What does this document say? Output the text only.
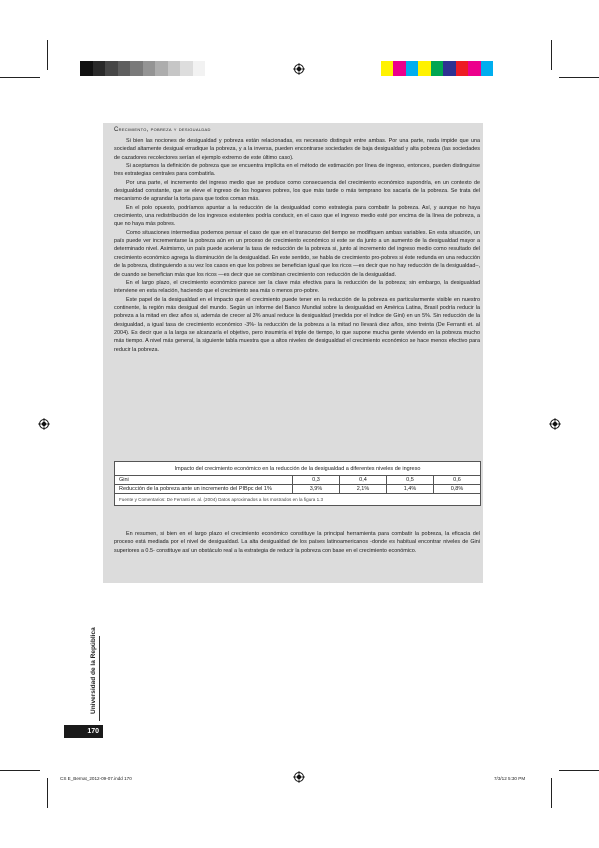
Crecimiento, pobreza y desigualdad

Si bien las nociones de desigualdad y pobreza están relacionadas, es necesario distinguir entre ambas. Por una parte, nada impide que una sociedad altamente desigual erradique la pobreza, y a la inversa, pueden encontrarse sociedades de baja desigualdad y alta pobreza (las sociedades de cazadores recolectores serían el ejemplo extremo de este último caso).

Si aceptamos la definición de pobreza que se encuentra implícita en el método de estimación por línea de ingreso, entonces, pueden distinguirse tres estrategias centrales para combatirla.

Por una parte, el incremento del ingreso medio que se produce como consecuencia del crecimiento económico supondría, en un contexto de desigualdad constante, que se eleve el ingreso de los hogares pobres, los que más tarde o más temprano los sacaría de la pobreza. Se trata del mecanismo de agrandar la torta para que todos coman más.

En el polo opuesto, podríamos apuntar a la reducción de la desigualdad como estrategia para combatir la pobreza. Así, y aunque no haya crecimiento, una redistribución de los ingresos existentes podría conducir, en el caso que el ingreso medio esté por encima de la línea de pobreza, a que no haya más pobres.

Como situaciones intermedias podemos pensar el caso de que en el transcurso del tiempo se modifiquen ambas variables. En esta situación, un país puede ver incrementarse la pobreza aún en un proceso de crecimiento económico si este se da junto a un aumento de la desigualdad mayor a determinado nivel. Asimismo, un país puede acelerar la tasa de reducción de la pobreza si, junto al incremento del ingreso medio como resultado del crecimiento económico agrega la disminución de la desigualdad. En este sentido, se habla de crecimiento pro-pobres si éste redunda en una reducción de la pobreza, distinguiendo a su vez los casos en que los pobres se benefician igual que los ricos —es decir que no hay reducción de la desigualdad–, de cuando se benefician más que los ricos —es decir que se combinan crecimiento con reducción de la desigualdad.

En el largo plazo, el crecimiento económico parece ser la clave más efectiva para la reducción de la pobreza; sin embargo, la desigualdad interviene en esta relación, haciendo que el crecimiento sea más o menos pro-pobre.

Este papel de la desigualdad en el impacto que el crecimiento puede tener en la reducción de la pobreza es particularmente visible en nuestro continente, la región más desigual del mundo. Según un informe del Banco Mundial sobre la desigualdad en América Latina, Brasil podría reducir la pobreza a la mitad en diez años si, además de crecer al 3% anual reduce la desigualdad (medida por el índice de Gini) en un 5%. Sin reducción de la desigualdad, a igual tasa de crecimiento económico -3%- la reducción de la pobreza a la mitad no llevará diez años, sino treinta (De Ferranti et. al 2004). Es decir que a la larga se alcanzaría el objetivo, pero insumiría el triple de tiempo, lo que supone mucha gente viviendo en la pobreza mucho más tiempo. A nivel más general, la siguiente tabla muestra que a altos niveles de desigualdad el crecimiento económico se hace menos efectivo para reducir la pobreza.

Impacto del crecimiento económico en la reducción de la desigualdad a diferentes niveles de ingreso				
Gini	0,3	0,4	0,5	0,6
Reducción de la pobreza ante un incremento del PIBpc del 1%	3,9%	2,1%	1,4%	0,8%
Fuente y Comentarios: De Ferranti et. al. (2004) Datos aproximados a los mostrados en la figura 1.3				

En resumen, si bien en el largo plazo el crecimiento económico constituye la principal herramienta para combatir la pobreza, la eficacia del proceso está mediada por el nivel de desigualdad. La alta desigualdad de los países latinoamericanos -donde es habitual encontrar niveles de Gini superiores a 0.5- constituye así un obstáculo real a la estrategia de reducir la pobreza con base en el crecimiento económico.

Universidad de la República
170
CS E_Bernat_2012-09-07.indd 170	7/3/12 5:30 PM
